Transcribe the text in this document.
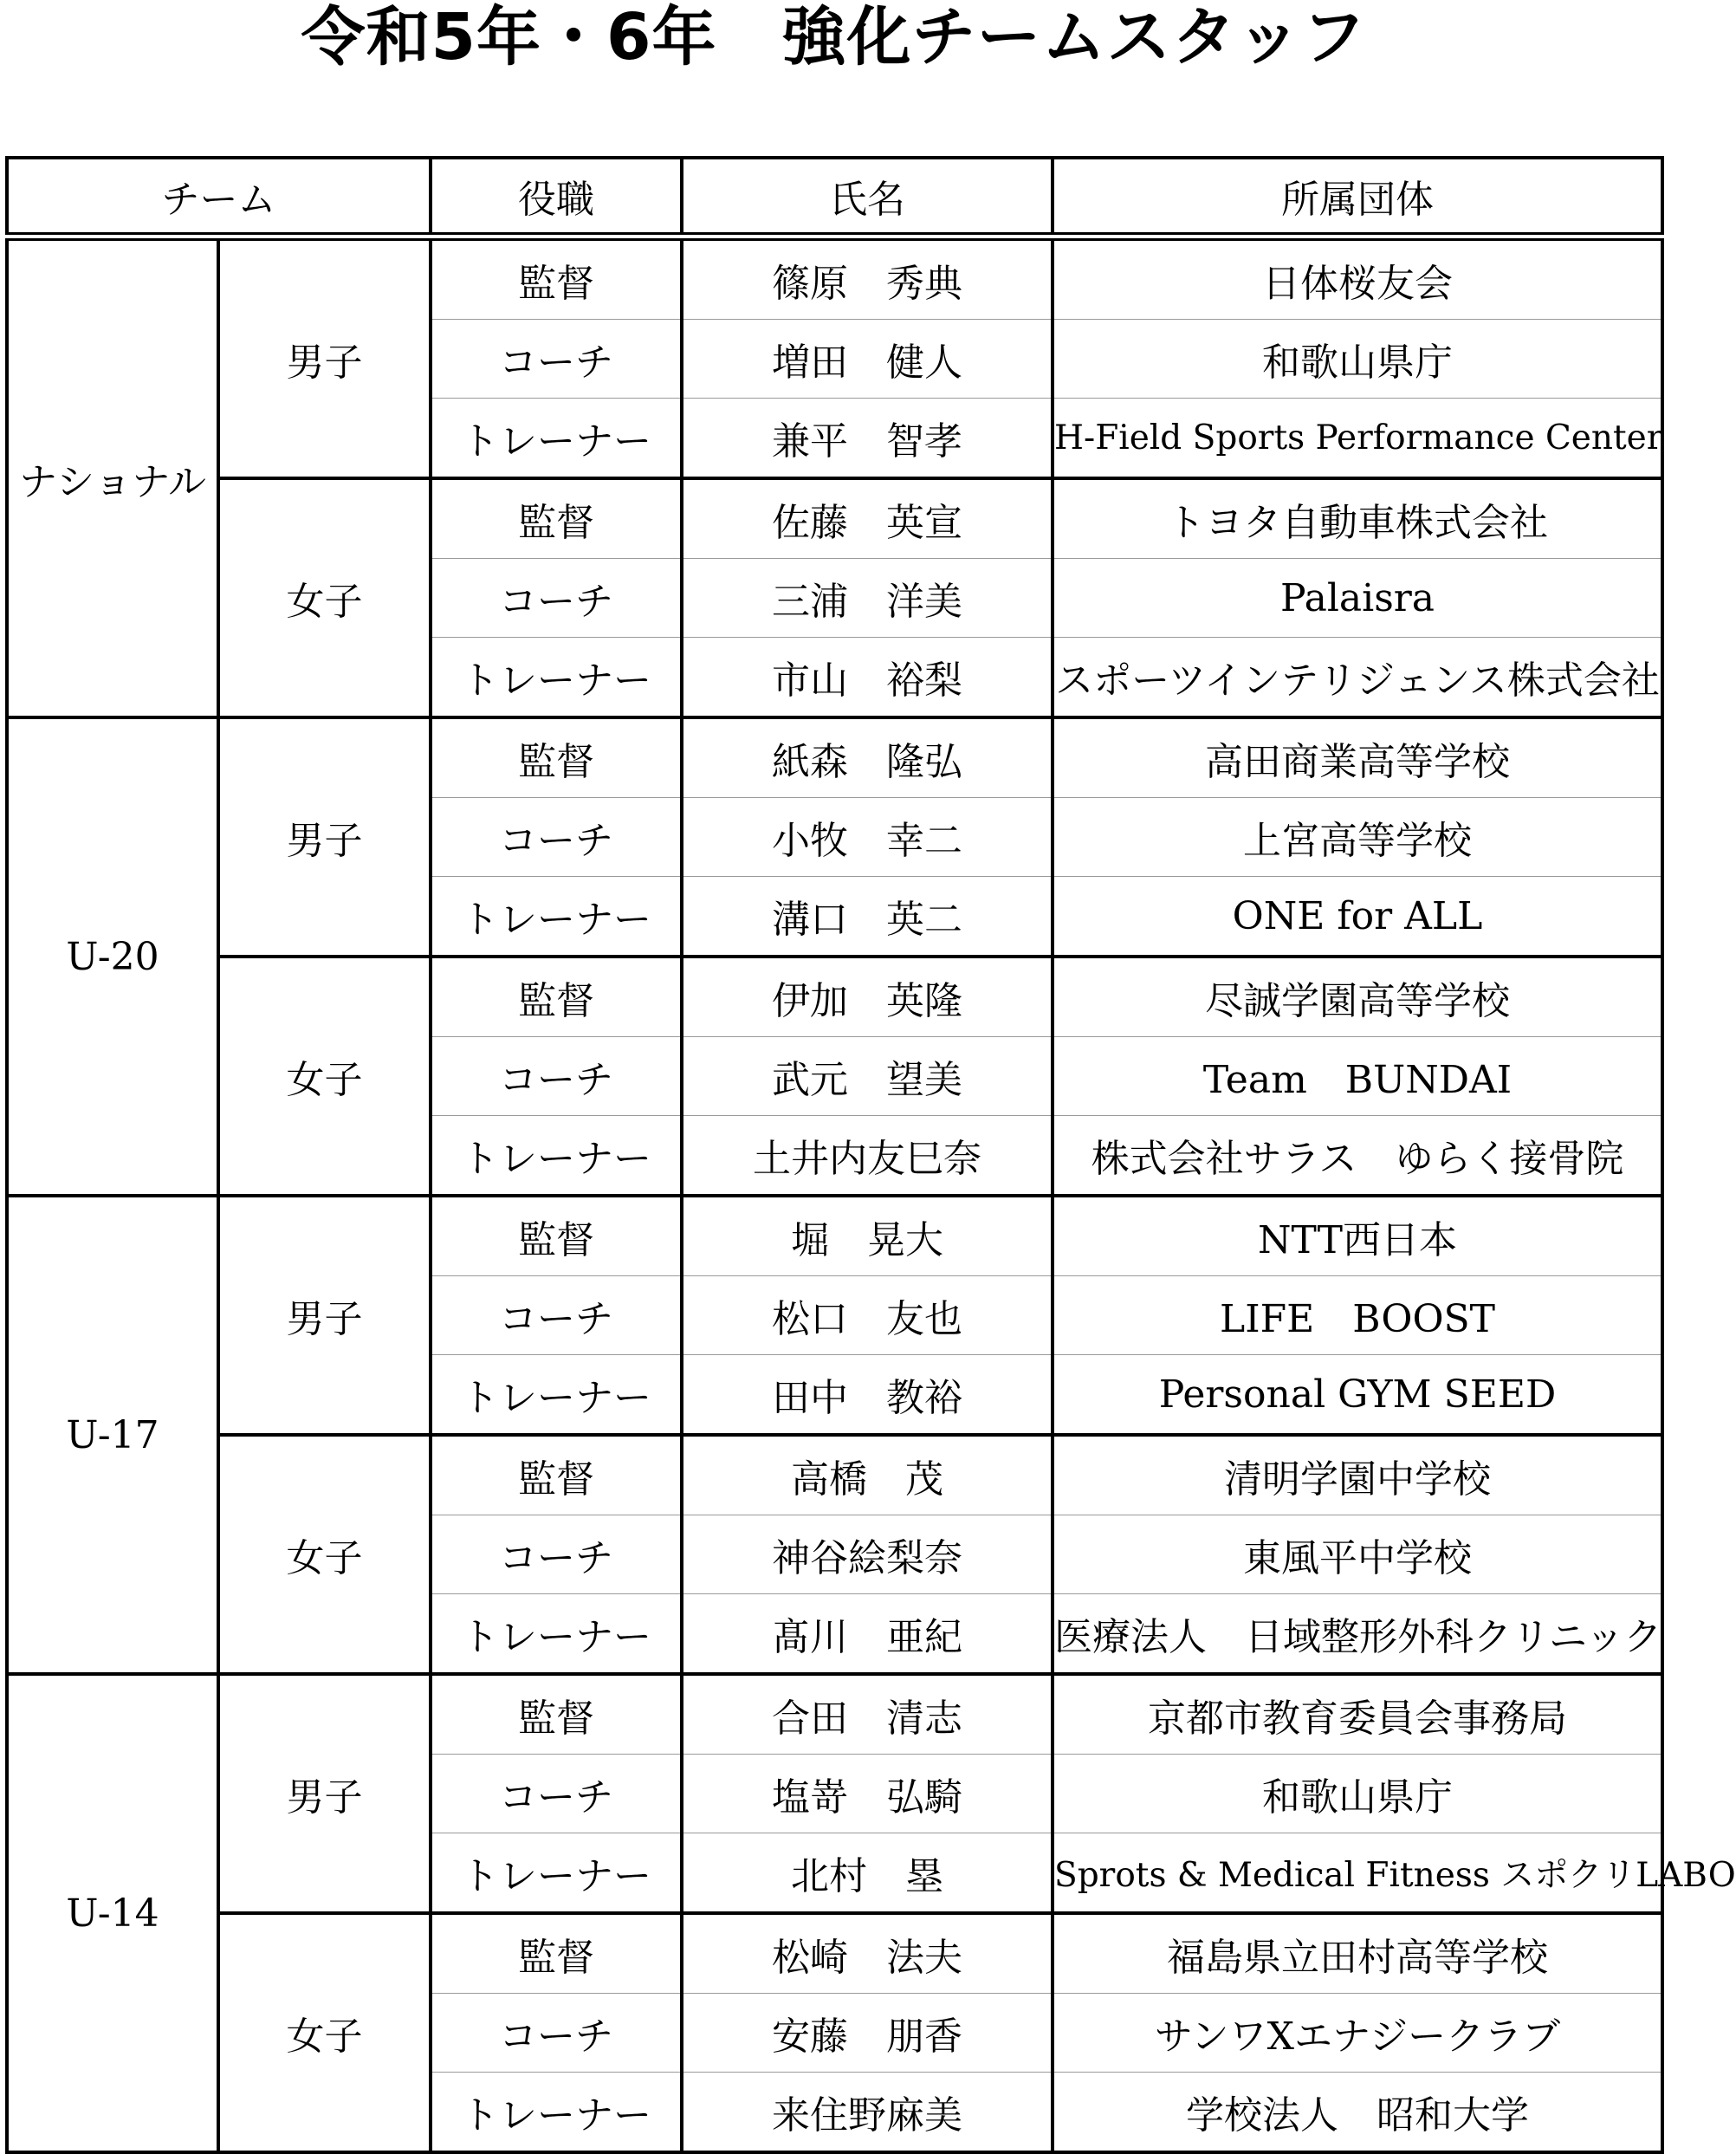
令和5年・6年　強化チームスタッフ
チーム		役職	氏名	所属団体
ナショナル	男子	監督	篠原　秀典	日体桜友会
		コーチ	増田　健人	和歌山県庁
		トレーナー	兼平　智孝	H-Field Sports Performance Center
	女子	監督	佐藤　英宣	トヨタ自動車株式会社
		コーチ	三浦　洋美	Palaisra
		トレーナー	市山　裕梨	スポーツインテリジェンス株式会社
U-20	男子	監督	紙森　隆弘	高田商業高等学校
		コーチ	小牧　幸二	上宮高等学校
		トレーナー	溝口　英二	ONE for ALL
	女子	監督	伊加　英隆	尽誠学園高等学校
		コーチ	武元　望美	Team　BUNDAI
		トレーナー	土井内友巳奈	株式会社サラス　ゆらく接骨院
U-17	男子	監督	堀　晃大	NTT西日本
		コーチ	松口　友也	LIFE　BOOST
		トレーナー	田中　教裕	Personal GYM SEED
	女子	監督	高橋　茂	清明学園中学校
		コーチ	神谷絵梨奈	東風平中学校
		トレーナー	髙川　亜紀	医療法人　日域整形外科クリニック
U-14	男子	監督	合田　清志	京都市教育委員会事務局
		コーチ	塩嵜　弘騎	和歌山県庁
		トレーナー	北村　塁	Sprots & Medical Fitness スポクリLABO
	女子	監督	松崎　法夫	福島県立田村高等学校
		コーチ	安藤　朋香	サンワXエナジークラブ
		トレーナー	来住野麻美	学校法人　昭和大学
